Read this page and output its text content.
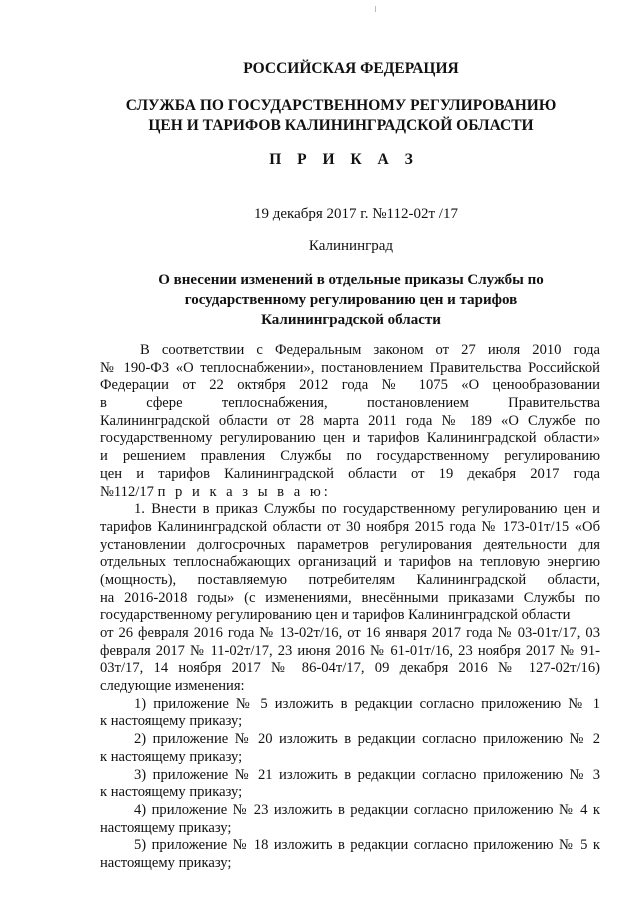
РОССИЙСКАЯ ФЕДЕРАЦИЯ
СЛУЖБА ПО ГОСУДАРСТВЕННОМУ РЕГУЛИРОВАНИЮ
ЦЕН И ТАРИФОВ КАЛИНИНГРАДСКОЙ ОБЛАСТИ
П Р И К А З
19 декабря 2017 г. №112-02т /17
Калининград
О внесении изменений в отдельные приказы Службы по
государственному регулированию цен и тарифов
Калининградской области
В соответствии с Федеральным законом от 27 июля 2010 года
№ 190-ФЗ «О теплоснабжении», постановлением Правительства Российской
Федерации от 22 октября 2012 года № 1075 «О ценообразовании
в сфере теплоснабжения, постановлением Правительства
Калининградской области от 28 марта 2011 года № 189 «О Службе по
государственному регулированию цен и тарифов Калининградской области»
и решением правления Службы по государственному регулированию
цен и тарифов Калининградской области от 19 декабря 2017 года
№112/17 п р и к а з ы в а ю:
1. Внести в приказ Службы по государственному регулированию цен и
тарифов Калининградской области от 30 ноября 2015 года № 173-01т/15 «Об
установлении долгосрочных параметров регулирования деятельности для
отдельных теплоснабжающих организаций и тарифов на тепловую энергию
(мощность), поставляемую потребителям Калининградской области,
на 2016-2018 годы» (с изменениями, внесёнными приказами Службы по
государственному регулированию цен и тарифов Калининградской области
от 26 февраля 2016 года № 13-02т/16, от 16 января 2017 года № 03-01т/17, 03
февраля 2017 № 11-02т/17, 23 июня 2016 № 61-01т/16, 23 ноября 2017 № 91-
03т/17, 14 ноября 2017 № 86-04т/17, 09 декабря 2016 № 127-02т/16)
следующие изменения:
1) приложение № 5 изложить в редакции согласно приложению № 1
к настоящему приказу;
2) приложение № 20 изложить в редакции согласно приложению № 2
к настоящему приказу;
3) приложение № 21 изложить в редакции согласно приложению № 3
к настоящему приказу;
4) приложение № 23 изложить в редакции согласно приложению № 4 к
настоящему приказу;
5) приложение № 18 изложить в редакции согласно приложению № 5 к
настоящему приказу;
